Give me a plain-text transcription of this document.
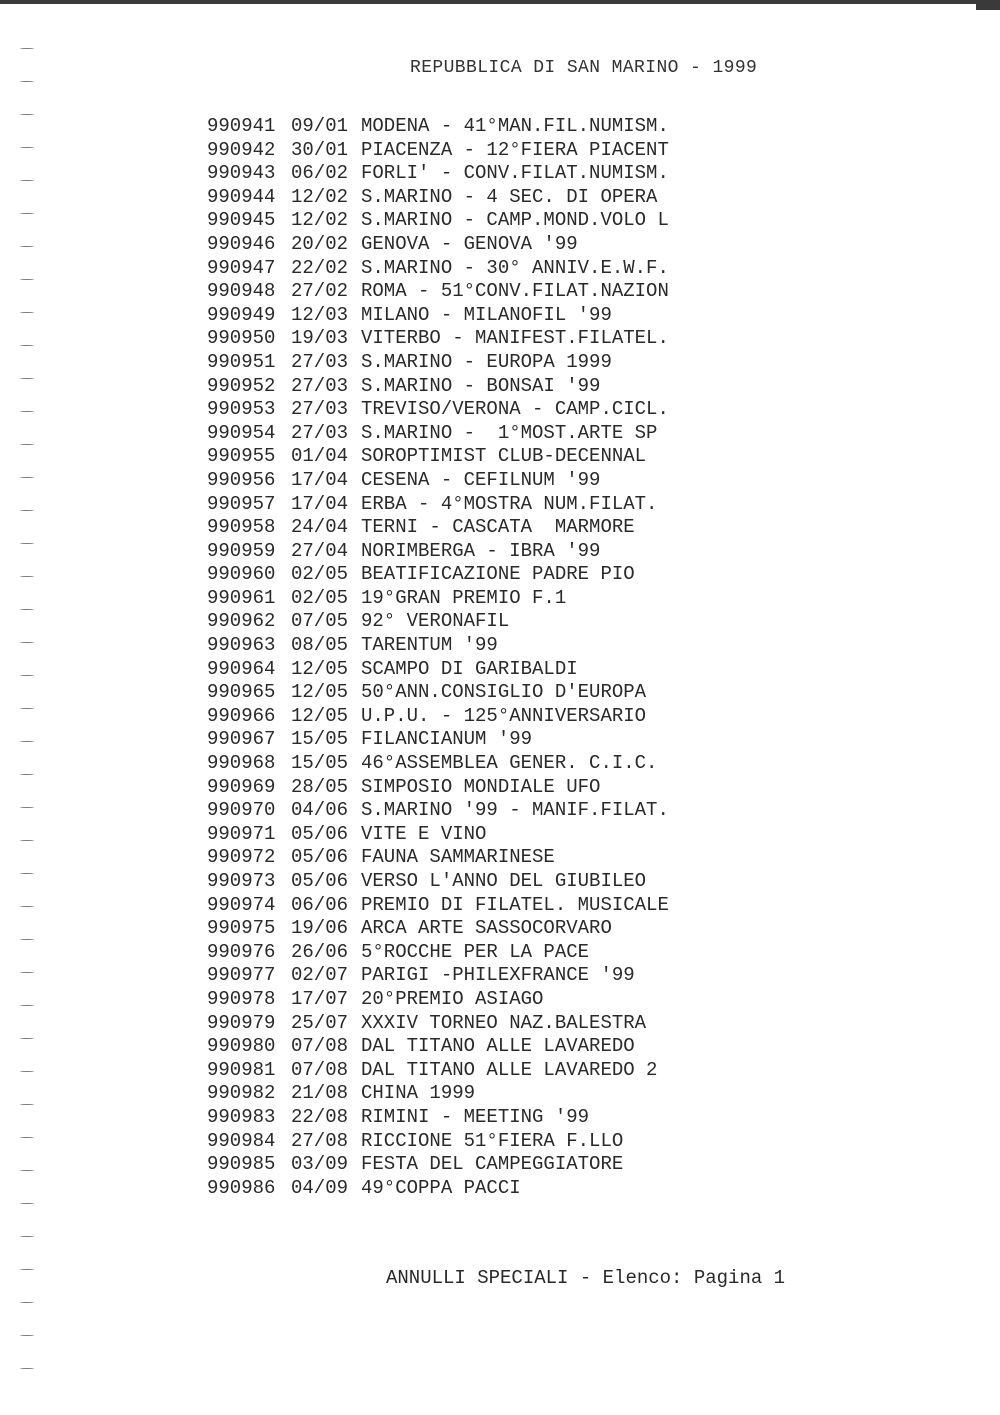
REPUBBLICA DI SAN MARINO - 1999
990941 09/01 MODENA - 41°MAN.FIL.NUMISM.
990942 30/01 PIACENZA - 12°FIERA PIACENT
990943 06/02 FORLI' - CONV.FILAT.NUMISM.
990944 12/02 S.MARINO - 4 SEC. DI OPERA
990945 12/02 S.MARINO - CAMP.MOND.VOLO L
990946 20/02 GENOVA - GENOVA '99
990947 22/02 S.MARINO - 30° ANNIV.E.W.F.
990948 27/02 ROMA - 51°CONV.FILAT.NAZION
990949 12/03 MILANO - MILANOFIL '99
990950 19/03 VITERBO - MANIFEST.FILATEL.
990951 27/03 S.MARINO - EUROPA 1999
990952 27/03 S.MARINO - BONSAI '99
990953 27/03 TREVISO/VERONA - CAMP.CICL.
990954 27/03 S.MARINO -  1°MOST.ARTE SP
990955 01/04 SOROPTIMIST CLUB-DECENNAL
990956 17/04 CESENA - CEFILNUM '99
990957 17/04 ERBA - 4°MOSTRA NUM.FILAT.
990958 24/04 TERNI - CASCATA  MARMORE
990959 27/04 NORIMBERGA - IBRA '99
990960 02/05 BEATIFICAZIONE PADRE PIO
990961 02/05 19°GRAN PREMIO F.1
990962 07/05 92° VERONAFIL
990963 08/05 TARENTUM '99
990964 12/05 SCAMPO DI GARIBALDI
990965 12/05 50°ANN.CONSIGLIO D'EUROPA
990966 12/05 U.P.U. - 125°ANNIVERSARIO
990967 15/05 FILANCIANUM '99
990968 15/05 46°ASSEMBLEA GENER. C.I.C.
990969 28/05 SIMPOSIO MONDIALE UFO
990970 04/06 S.MARINO '99 - MANIF.FILAT.
990971 05/06 VITE E VINO
990972 05/06 FAUNA SAMMARINESE
990973 05/06 VERSO L'ANNO DEL GIUBILEO
990974 06/06 PREMIO DI FILATEL. MUSICALE
990975 19/06 ARCA ARTE SASSOCORVARO
990976 26/06 5°ROCCHE PER LA PACE
990977 02/07 PARIGI -PHILEXFRANCE '99
990978 17/07 20°PREMIO ASIAGO
990979 25/07 XXXIV TORNEO NAZ.BALESTRA
990980 07/08 DAL TITANO ALLE LAVAREDO
990981 07/08 DAL TITANO ALLE LAVAREDO 2
990982 21/08 CHINA 1999
990983 22/08 RIMINI - MEETING '99
990984 27/08 RICCIONE 51°FIERA F.LLO
990985 03/09 FESTA DEL CAMPEGGIATORE
990986 04/09 49°COPPA PACCI
ANNULLI SPECIALI - Elenco: Pagina 1
